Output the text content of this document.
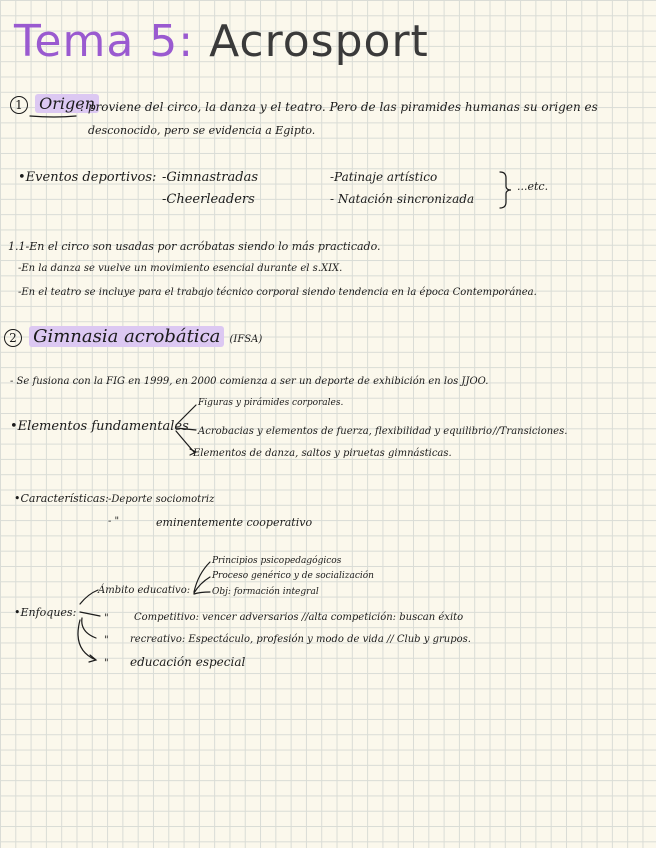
Tema 5: Acrosport
1 Origen
: proviene del circo, la danza y el teatro. Pero de las piramides humanas su origen es
desconocido, pero se evidencia a Egipto.
•Eventos deportivos: -Gimnastradas
-Cheerleaders
-Patinaje artístico
- Natación sincronizada
...etc.
1.1-En el circo son usadas por acróbatas siendo lo más practicado.
-En la danza se vuelve un movimiento esencial durante el s.XIX.
-En el teatro se incluye para el trabajo técnico corporal siendo tendencia en la época Contemporánea.
2 Gimnasia acrobática (IFSA)
- Se fusiona con la FIG en 1999, en 2000 comienza a ser un deporte de exhibición en los JJOO.
•Elementos fundamentales
Figuras y pirámides corporales.
Acrobacias y elementos de fuerza, flexibilidad y equilibrio //Transiciones.
Elementos de danza, saltos y piruetas gimnásticas.
•Características: -Deporte sociomotriz
- "	eminentemente cooperativo
•Enfoques:
Ámbito educativo:
Principios psicopedagógicos
Proceso genérico y de socialización
Obj: formación integral
"	Competitivo: vencer adversarios //alta competición: buscan éxito
" recreativo: Espectáculo, profesión y modo de vida // Club y grupos.
" educación especial
